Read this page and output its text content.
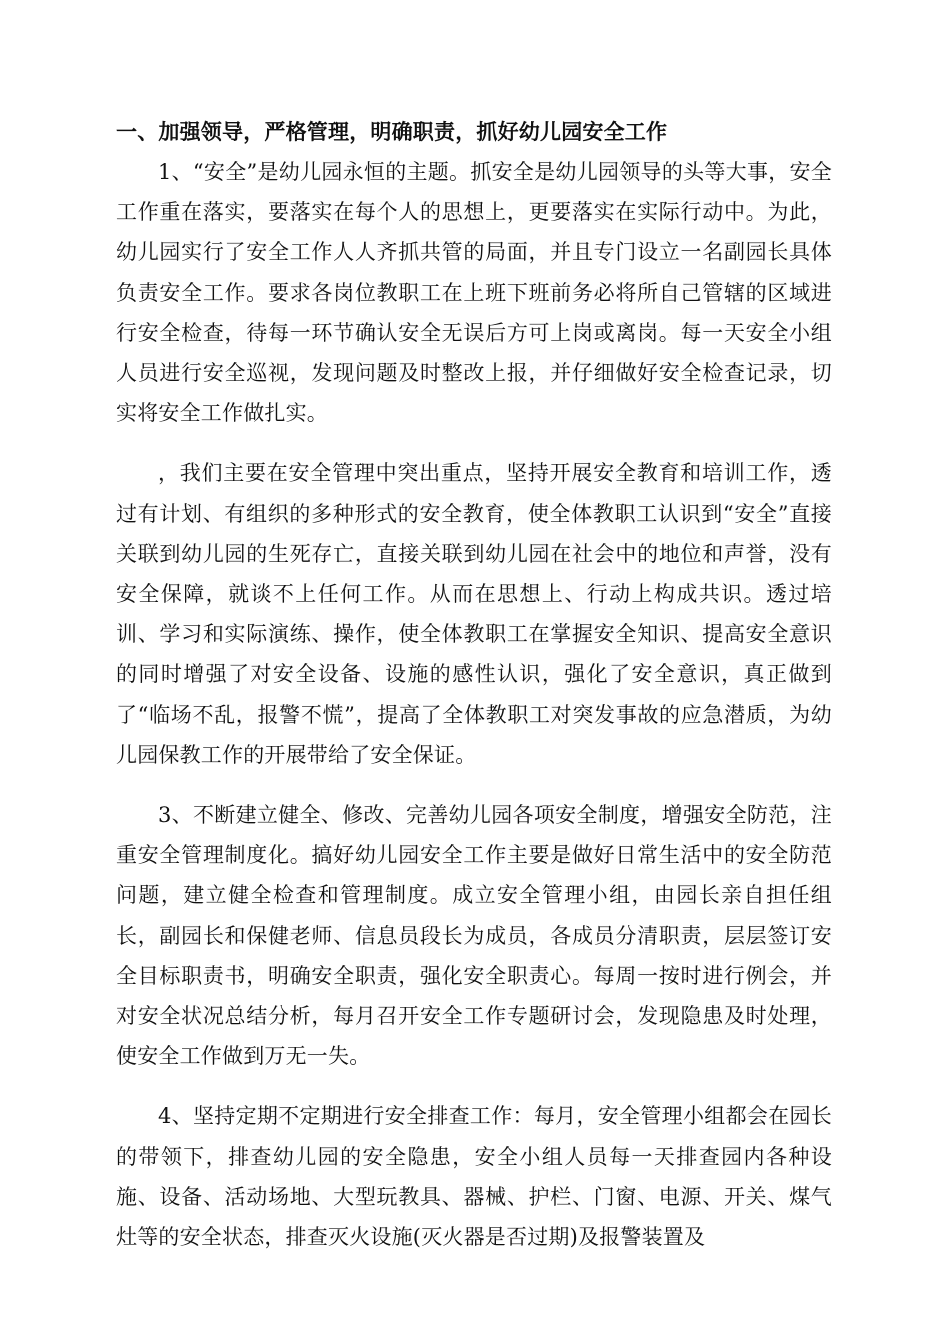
一、加强领导，严格管理，明确职责，抓好幼儿园安全工作

1、“安全”是幼儿园永恒的主题。抓安全是幼儿园领导的头等大事，安全工作重在落实，要落实在每个人的思想上，更要落实在实际行动中。为此，幼儿园实行了安全工作人人齐抓共管的局面，并且专门设立一名副园长具体负责安全工作。要求各岗位教职工在上班下班前务必将所自己管辖的区域进行安全检查，待每一环节确认安全无误后方可上岗或离岗。每一天安全小组人员进行安全巡视，发现问题及时整改上报，并仔细做好安全检查记录，切实将安全工作做扎实。

，我们主要在安全管理中突出重点，坚持开展安全教育和培训工作，透过有计划、有组织的多种形式的安全教育，使全体教职工认识到“安全”直接关联到幼儿园的生死存亡，直接关联到幼儿园在社会中的地位和声誉，没有安全保障，就谈不上任何工作。从而在思想上、行动上构成共识。透过培训、学习和实际演练、操作，使全体教职工在掌握安全知识、提高安全意识的同时增强了对安全设备、设施的感性认识，强化了安全意识，真正做到了“临场不乱，报警不慌”，提高了全体教职工对突发事故的应急潜质，为幼儿园保教工作的开展带给了安全保证。

3、不断建立健全、修改、完善幼儿园各项安全制度，增强安全防范，注重安全管理制度化。搞好幼儿园安全工作主要是做好日常生活中的安全防范问题，建立健全检查和管理制度。成立安全管理小组，由园长亲自担任组长，副园长和保健老师、信息员段长为成员，各成员分清职责，层层签订安全目标职责书，明确安全职责，强化安全职责心。每周一按时进行例会，并对安全状况总结分析，每月召开安全工作专题研讨会，发现隐患及时处理，使安全工作做到万无一失。

4、坚持定期不定期进行安全排查工作：每月，安全管理小组都会在园长的带领下，排查幼儿园的安全隐患，安全小组人员每一天排查园内各种设施、设备、活动场地、大型玩教具、器械、护栏、门窗、电源、开关、煤气灶等的安全状态，排查灭火设施(灭火器是否过期)及报警装置及
